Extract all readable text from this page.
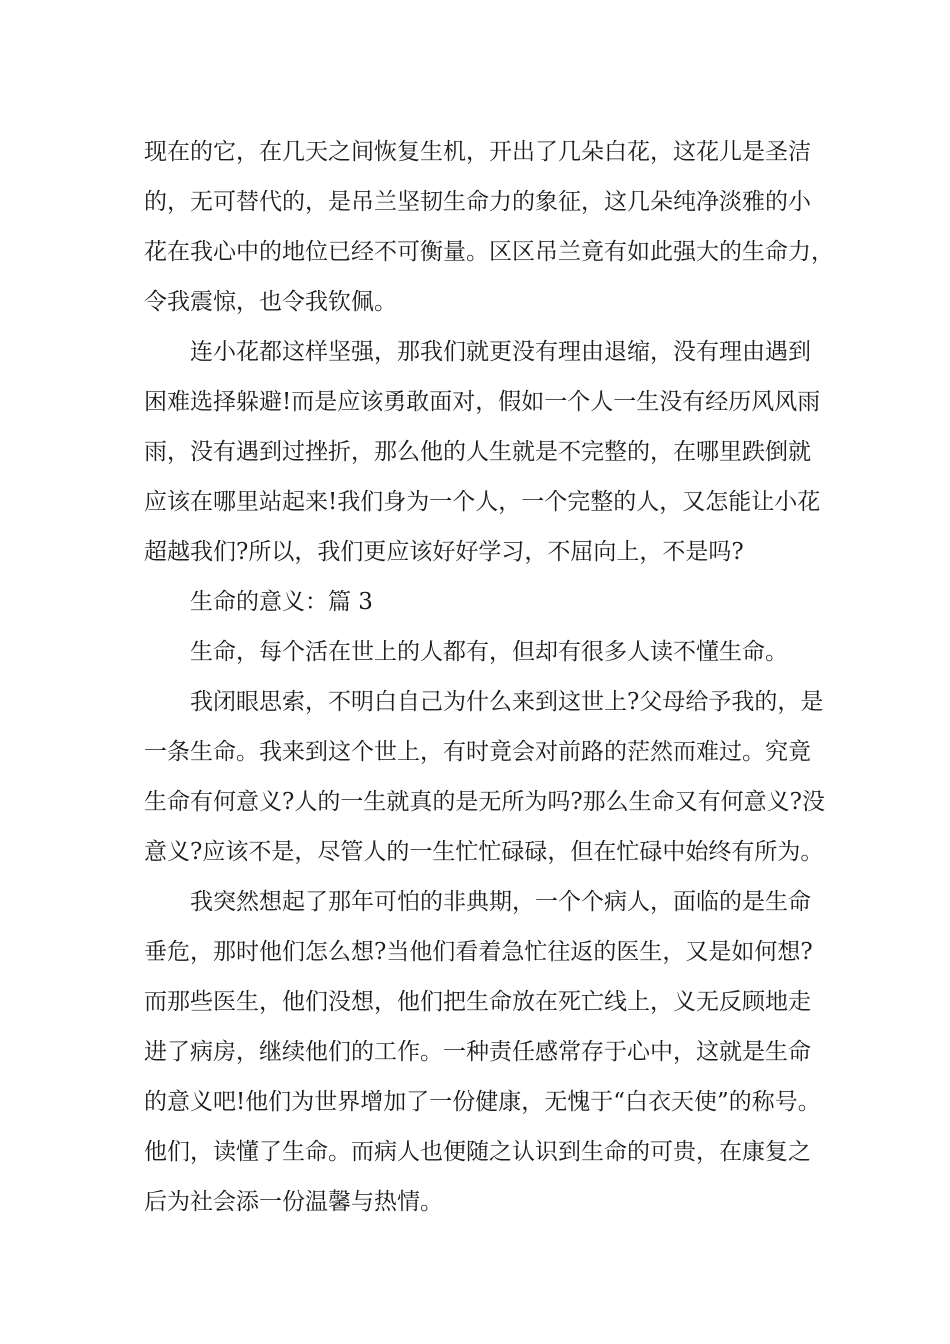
现在的它，在几天之间恢复生机，开出了几朵白花，这花儿是圣洁

的，无可替代的，是吊兰坚韧生命力的象征，这几朵纯净淡雅的小

花在我心中的地位已经不可衡量。区区吊兰竟有如此强大的生命力，

令我震惊，也令我钦佩。

连小花都这样坚强，那我们就更没有理由退缩，没有理由遇到

困难选择躲避!而是应该勇敢面对，假如一个人一生没有经历风风雨

雨，没有遇到过挫折，那么他的人生就是不完整的，在哪里跌倒就

应该在哪里站起来!我们身为一个人，一个完整的人，又怎能让小花

超越我们?所以，我们更应该好好学习，不屈向上，不是吗?

生命的意义：篇 3

生命，每个活在世上的人都有，但却有很多人读不懂生命。

我闭眼思索，不明白自己为什么来到这世上?父母给予我的，是

一条生命。我来到这个世上，有时竟会对前路的茫然而难过。究竟

生命有何意义?人的一生就真的是无所为吗?那么生命又有何意义?没

意义?应该不是，尽管人的一生忙忙碌碌，但在忙碌中始终有所为。

我突然想起了那年可怕的非典期，一个个病人，面临的是生命

垂危，那时他们怎么想?当他们看着急忙往返的医生，又是如何想?

而那些医生，他们没想，他们把生命放在死亡线上，义无反顾地走

进了病房，继续他们的工作。一种责任感常存于心中，这就是生命

的意义吧!他们为世界增加了一份健康，无愧于“白衣天使”的称号。

他们，读懂了生命。而病人也便随之认识到生命的可贵，在康复之

后为社会添一份温馨与热情。
